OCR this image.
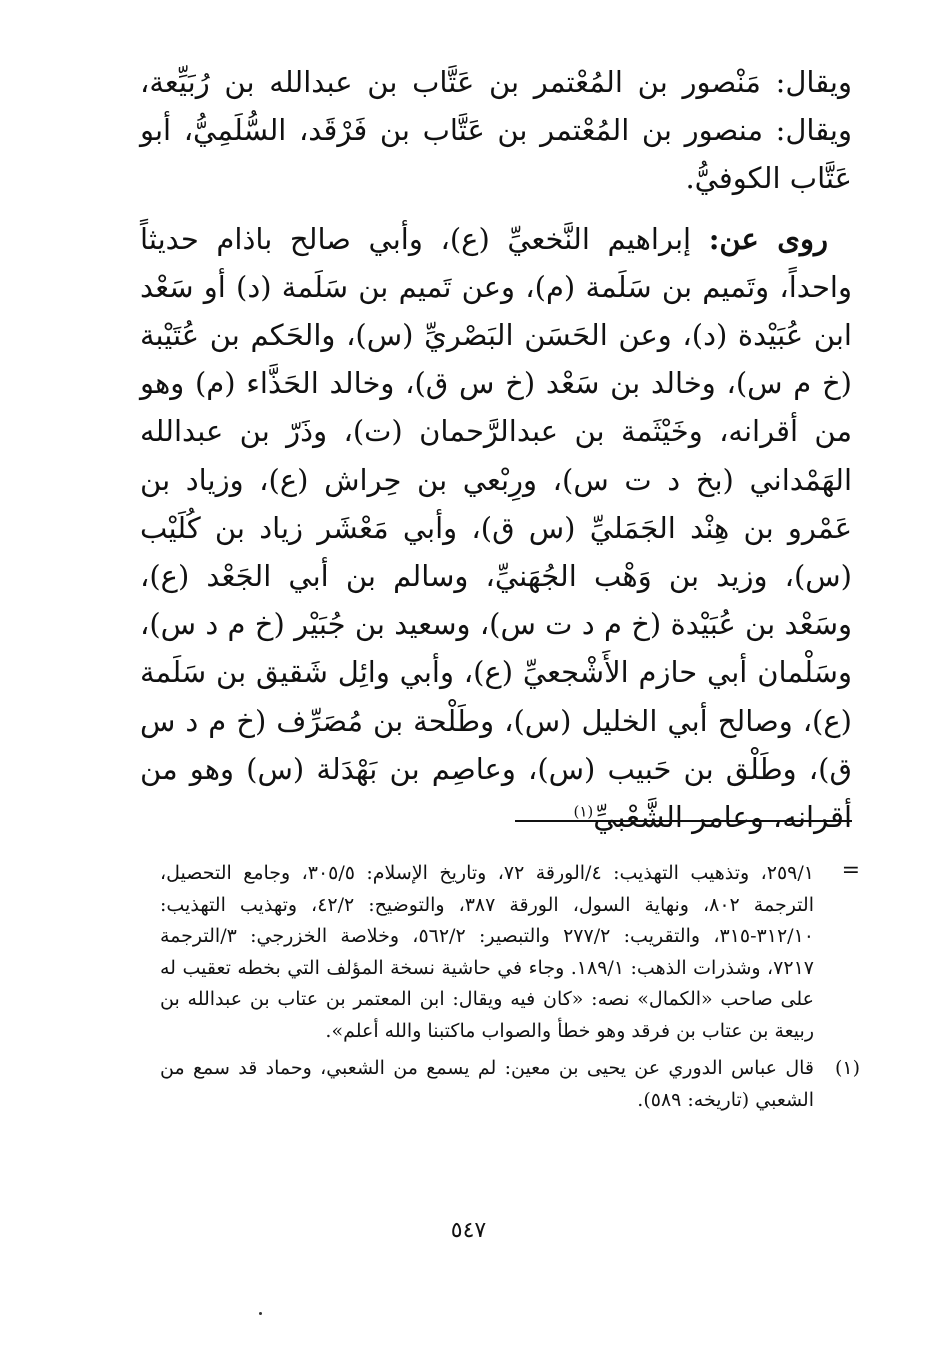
ويقال: مَنْصور بن المُعْتمر بن عَتَّاب بن عبدالله بن رُبَيِّعة، ويقال: منصور بن المُعْتمر بن عَتَّاب بن فَرْقَد، السُّلَمِيُّ، أبو عَتَّاب الكوفيُّ.

روى عن: إبراهيم النَّخعيِّ (ع)، وأبي صالح باذام حديثاً واحداً، وتَميم بن سَلَمة (م)، وعن تَميم بن سَلَمة (د) أو سَعْد ابن عُبَيْدة (د)، وعن الحَسَن البَصْريِّ (س)، والحَكم بن عُتَيْبة (خ م س)، وخالد بن سَعْد (خ س ق)، وخالد الحَذَّاء (م) وهو من أقرانه، وخَيْثَمة بن عبدالرَّحمان (ت)، وذَرّ بن عبدالله الهَمْداني (بخ د ت س)، ورِبْعي بن حِراش (ع)، وزياد بن عَمْرو بن هِنْد الجَمَليِّ (س ق)، وأبي مَعْشَر زياد بن كُلَيْب (س)، وزيد بن وَهْب الجُهَنيِّ، وسالم بن أبي الجَعْد (ع)، وسَعْد بن عُبَيْدة (خ م د ت س)، وسعيد بن جُبَيْر (خ م د س)، وسَلْمان أبي حازم الأَشْجعيِّ (ع)، وأبي وائِل شَقيق بن سَلَمة (ع)، وصالح أبي الخليل (س)، وطَلْحة بن مُصَرِّف (خ م د س ق)، وطَلْق بن حَبيب (س)، وعاصِم بن بَهْدَلة (س) وهو من أقرانه، وعامر الشَّعْبيِّ$^{(١)}$

=
٢٥٩/١، وتذهيب التهذيب: ٤/الورقة ٧٢، وتاريخ الإسلام: ٣٠٥/٥، وجامع التحصيل، الترجمة ٨٠٢، ونهاية السول، الورقة ٣٨٧، والتوضيح: ٤٢/٢، وتهذيب التهذيب: ٣١٢/١٠-٣١٥، والتقريب: ٢٧٧/٢ والتبصير: ٥٦٢/٢، وخلاصة الخزرجي: ٣/الترجمة ٧٢١٧، وشذرات الذهب: ١٨٩/١. وجاء في حاشية نسخة المؤلف التي بخطه تعقيب له على صاحب «الكمال» نصه: «كان فيه ويقال: ابن المعتمر بن عتاب بن عبدالله بن ربيعة بن عتاب بن فرقد وهو خطأ والصواب ماكتبنا والله أعلم».
(١)
قال عباس الدوري عن يحيى بن معين: لم يسمع من الشعبي، وحماد قد سمع من الشعبي (تاريخه: ٥٨٩).
٥٤٧
